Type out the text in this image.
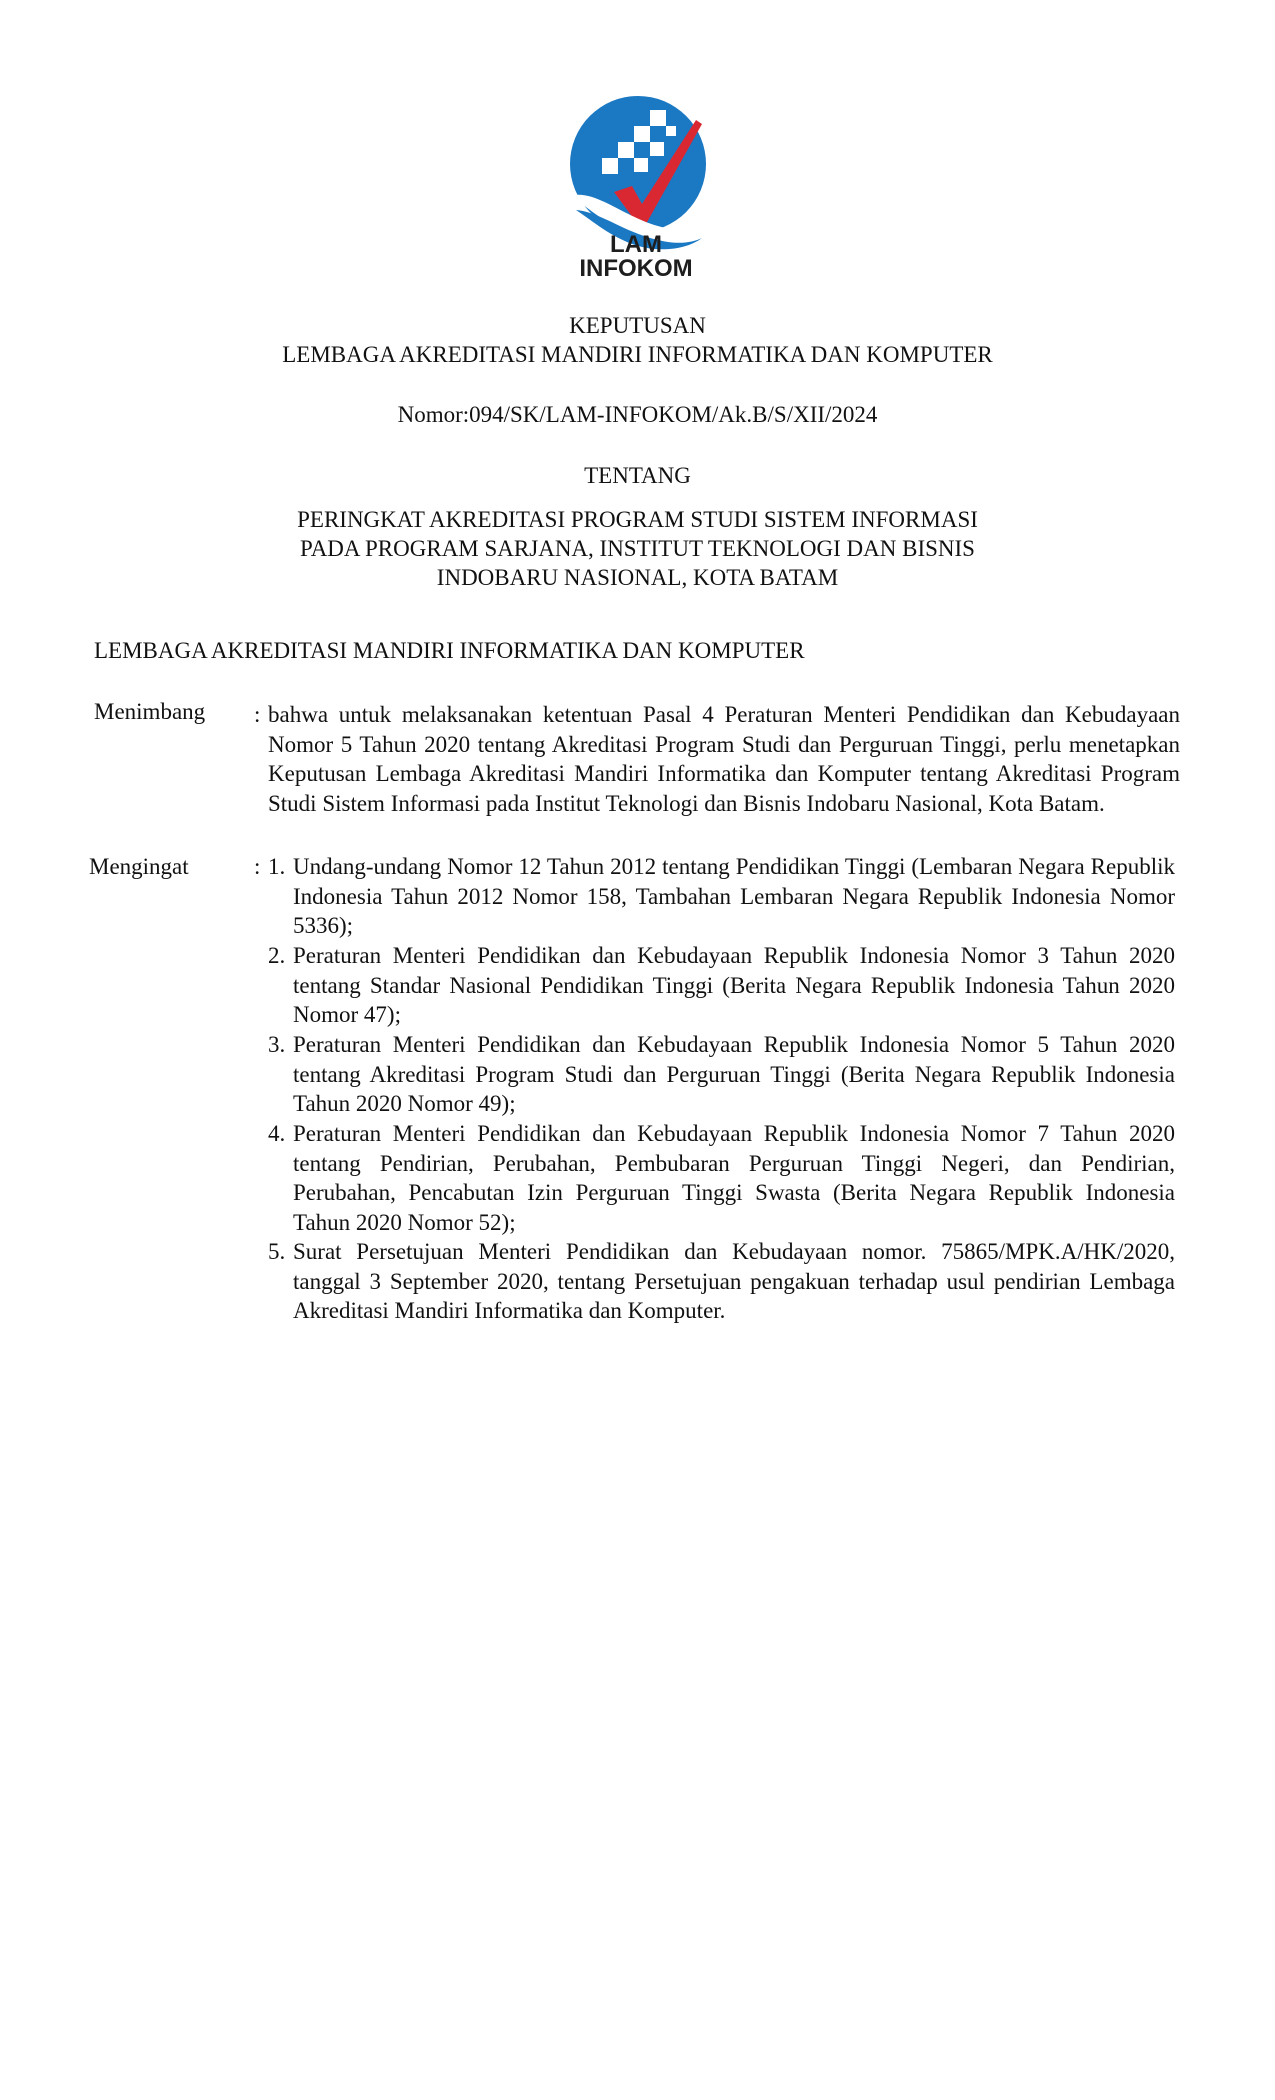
LAM
INFOKOM
KEPUTUSAN
LEMBAGA AKREDITASI MANDIRI INFORMATIKA DAN KOMPUTER
Nomor:094/SK/LAM-INFOKOM/Ak.B/S/XII/2024
TENTANG
PERINGKAT AKREDITASI PROGRAM STUDI SISTEM INFORMASI
PADA PROGRAM SARJANA, INSTITUT TEKNOLOGI DAN BISNIS
INDOBARU NASIONAL, KOTA BATAM
LEMBAGA AKREDITASI MANDIRI INFORMATIKA DAN KOMPUTER
Menimbang : bahwa untuk melaksanakan ketentuan Pasal 4 Peraturan Menteri Pendidikan dan Kebudayaan Nomor 5 Tahun 2020 tentang Akreditasi Program Studi dan Perguruan Tinggi, perlu menetapkan Keputusan Lembaga Akreditasi Mandiri Informatika dan Komputer tentang Akreditasi Program Studi Sistem Informasi pada Institut Teknologi dan Bisnis Indobaru Nasional, Kota Batam.
Mengingat	: 1. Undang-undang Nomor 12 Tahun 2012 tentang Pendidikan Tinggi (Lembaran Negara Republik Indonesia Tahun 2012 Nomor 158, Tambahan Lembaran Negara Republik Indonesia Nomor 5336);
2. Peraturan Menteri Pendidikan dan Kebudayaan Republik Indonesia Nomor 3 Tahun 2020 tentang Standar Nasional Pendidikan Tinggi (Berita Negara Republik Indonesia Tahun 2020 Nomor 47);
3. Peraturan Menteri Pendidikan dan Kebudayaan Republik Indonesia Nomor 5 Tahun 2020 tentang Akreditasi Program Studi dan Perguruan Tinggi (Berita Negara Republik Indonesia Tahun 2020 Nomor 49);
4. Peraturan Menteri Pendidikan dan Kebudayaan Republik Indonesia Nomor 7 Tahun 2020 tentang Pendirian, Perubahan, Pembubaran Perguruan Tinggi Negeri, dan Pendirian, Perubahan, Pencabutan Izin Perguruan Tinggi Swasta (Berita Negara Republik Indonesia Tahun 2020 Nomor 52);
5. Surat Persetujuan Menteri Pendidikan dan Kebudayaan nomor. 75865/MPK.A/HK/2020, tanggal 3 September 2020, tentang Persetujuan pengakuan terhadap usul pendirian Lembaga Akreditasi Mandiri Informatika dan Komputer.
